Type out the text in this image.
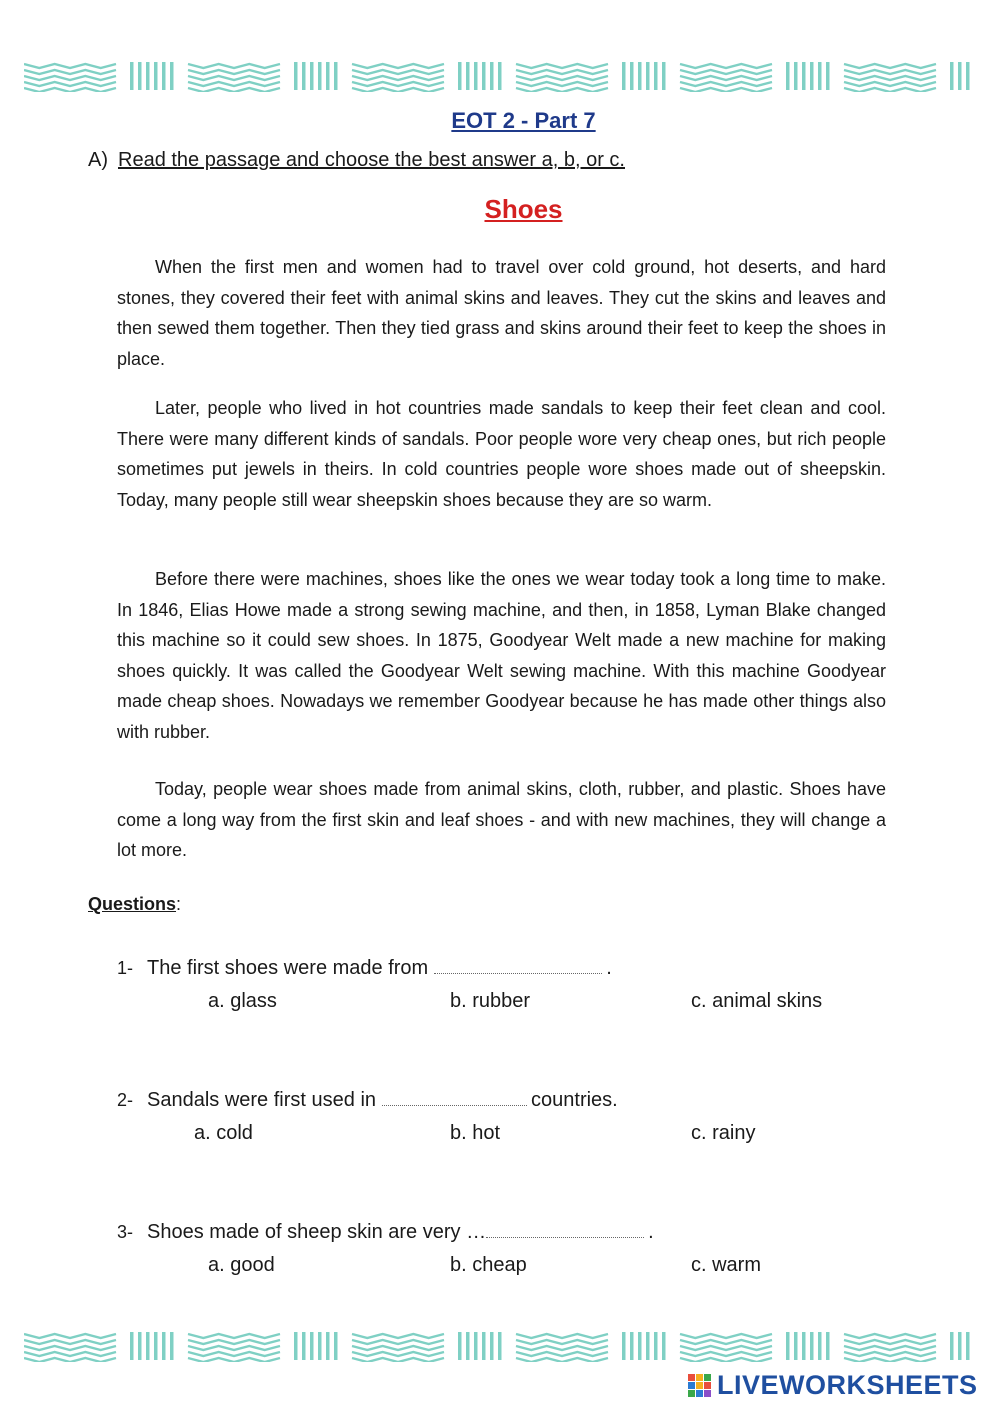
EOT 2 - Part 7
A) Read the passage and choose the best answer a, b, or c.
Shoes

When the first men and women had to travel over cold ground, hot deserts, and hard stones, they covered their feet with animal skins and leaves. They cut the skins and leaves and then sewed them together. Then they tied grass and skins around their feet to keep the shoes in place.

Later, people who lived in hot countries made sandals to keep their feet clean and cool. There were many different kinds of sandals. Poor people wore very cheap ones, but rich people sometimes put jewels in theirs. In cold countries people wore shoes made out of sheepskin. Today, many people still wear sheepskin shoes because they are so warm.

Before there were machines, shoes like the ones we wear today took a long time to make. In 1846, Elias Howe made a strong sewing machine, and then, in 1858, Lyman Blake changed this machine so it could sew shoes. In 1875, Goodyear Welt made a new machine for making shoes quickly. It was called the Goodyear Welt sewing machine. With this machine Goodyear made cheap shoes. Nowadays we remember Goodyear because he has made other things also with rubber.

Today, people wear shoes made from animal skins, cloth, rubber, and plastic. Shoes have come a long way from the first skin and leaf shoes - and with new machines, they will change a lot more.

Questions:
1- The first shoes were made from	.
a. glass	b. rubber	c. animal skins
2- Sandals were first used in	countries.
a. cold	b. hot	c. rainy
3- Shoes made of sheep skin are very …	.
a. good	b. cheap	c. warm
LIVEWORKSHEETS
